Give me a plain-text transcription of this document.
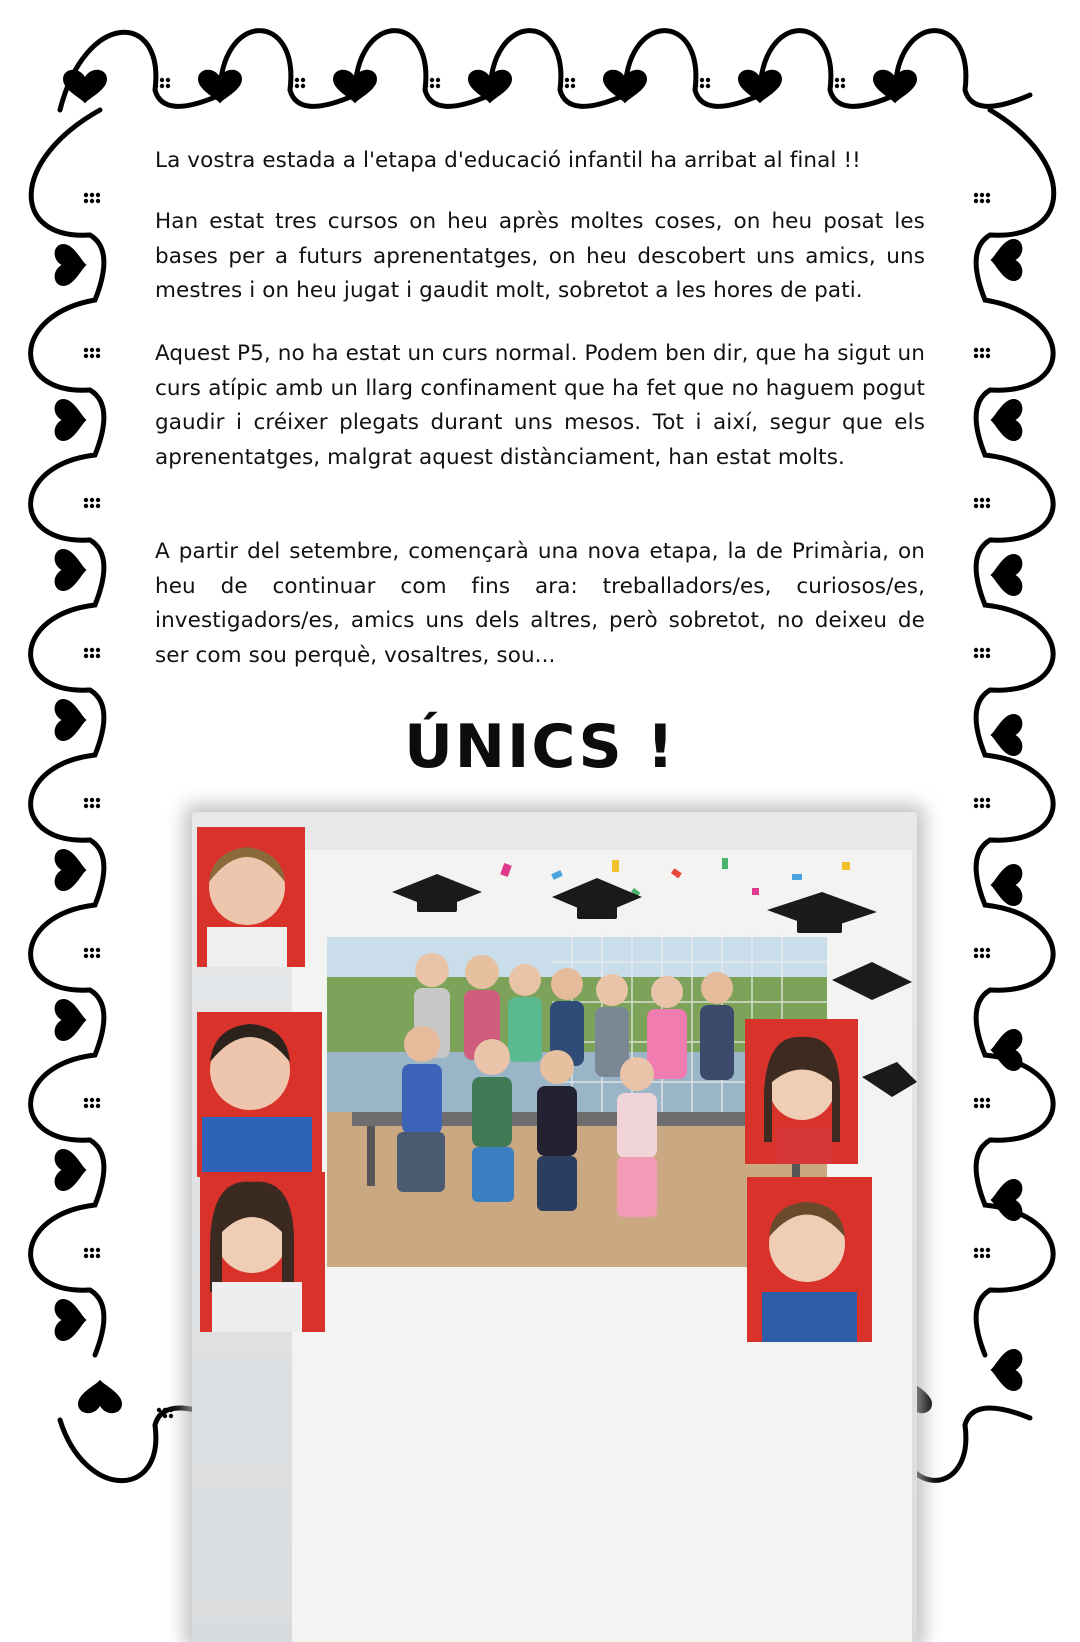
La vostra estada a l'etapa d'educació infantil ha arribat al final !!

Han estat tres cursos on heu après moltes coses, on heu posat les bases per a futurs aprenentatges, on heu descobert uns amics, uns mestres i on heu jugat i gaudit molt, sobretot a les hores de pati.

Aquest P5, no ha estat un curs normal. Podem ben dir, que ha sigut un curs atípic amb un llarg confinament que ha fet que no haguem pogut gaudir i créixer plegats durant uns mesos. Tot i així, segur que els aprenentatges, malgrat aquest distànciament, han estat molts.

A partir del setembre, començarà una nova etapa, la de Primària, on heu de continuar com fins ara: treballadors/es, curiosos/es, investigadors/es, amics uns dels altres, però sobretot, no deixeu de ser com sou perquè, vosaltres, sou...

ÚNICS !
